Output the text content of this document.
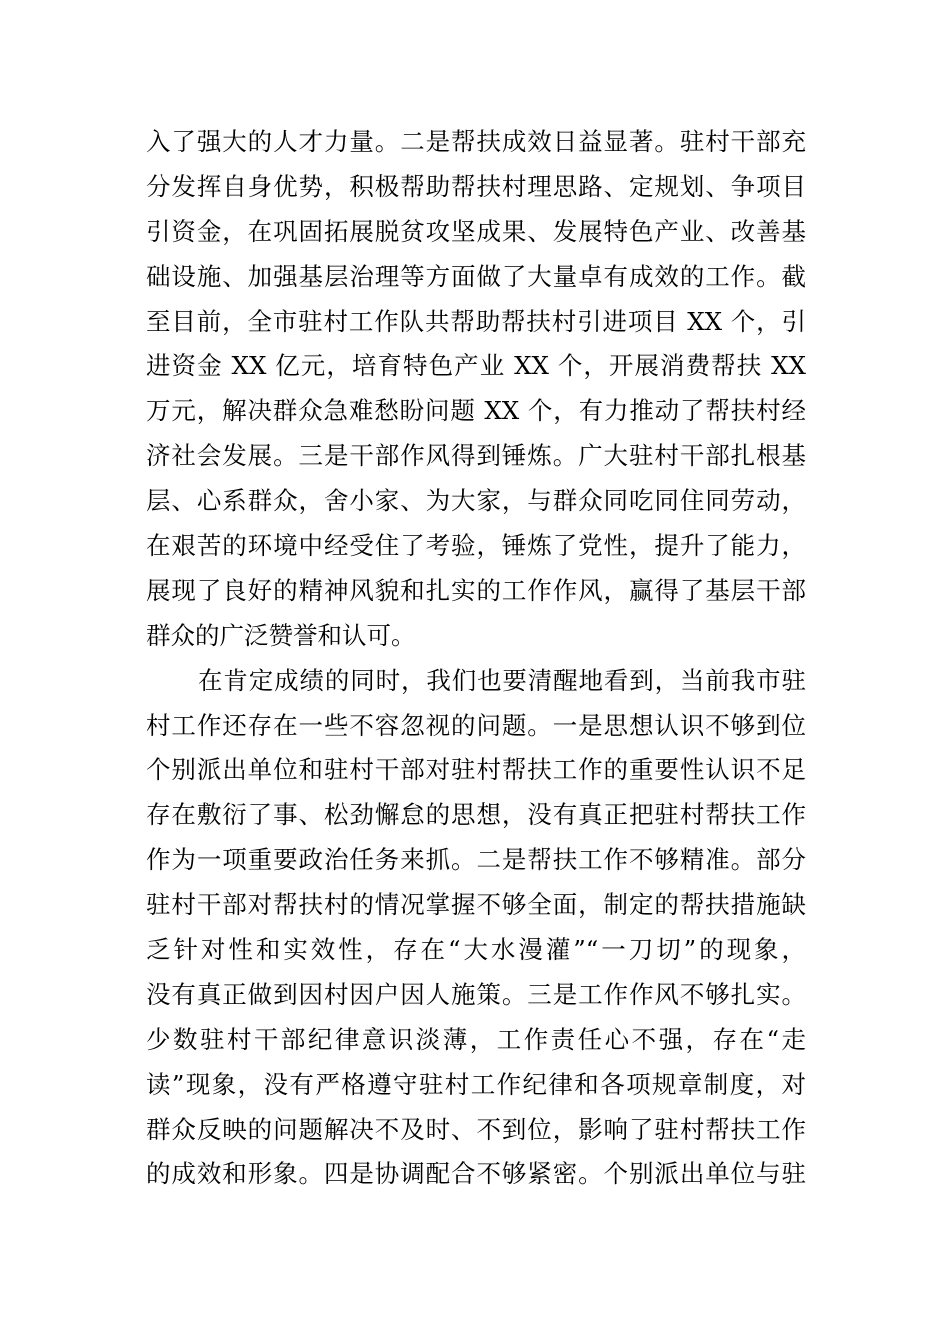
入了强大的人才力量。二是帮扶成效日益显著。驻村干部充
分发挥自身优势，积极帮助帮扶村理思路、定规划、争项目
引资金，在巩固拓展脱贫攻坚成果、发展特色产业、改善基
础设施、加强基层治理等方面做了大量卓有成效的工作。截
至目前，全市驻村工作队共帮助帮扶村引进项目 XX 个，引
进资金 XX 亿元，培育特色产业 XX 个，开展消费帮扶 XX
万元，解决群众急难愁盼问题 XX 个，有力推动了帮扶村经
济社会发展。三是干部作风得到锤炼。广大驻村干部扎根基
层、心系群众，舍小家、为大家，与群众同吃同住同劳动，
在艰苦的环境中经受住了考验，锤炼了党性，提升了能力，
展现了良好的精神风貌和扎实的工作作风，赢得了基层干部
群众的广泛赞誉和认可。
在肯定成绩的同时，我们也要清醒地看到，当前我市驻
村工作还存在一些不容忽视的问题。一是思想认识不够到位
个别派出单位和驻村干部对驻村帮扶工作的重要性认识不足
存在敷衍了事、松劲懈怠的思想，没有真正把驻村帮扶工作
作为一项重要政治任务来抓。二是帮扶工作不够精准。部分
驻村干部对帮扶村的情况掌握不够全面，制定的帮扶措施缺
乏针对性和实效性，存在“大水漫灌”“一刀切”的现象，
没有真正做到因村因户因人施策。三是工作作风不够扎实。
少数驻村干部纪律意识淡薄，工作责任心不强，存在“走
读”现象，没有严格遵守驻村工作纪律和各项规章制度，对
群众反映的问题解决不及时、不到位，影响了驻村帮扶工作
的成效和形象。四是协调配合不够紧密。个别派出单位与驻
